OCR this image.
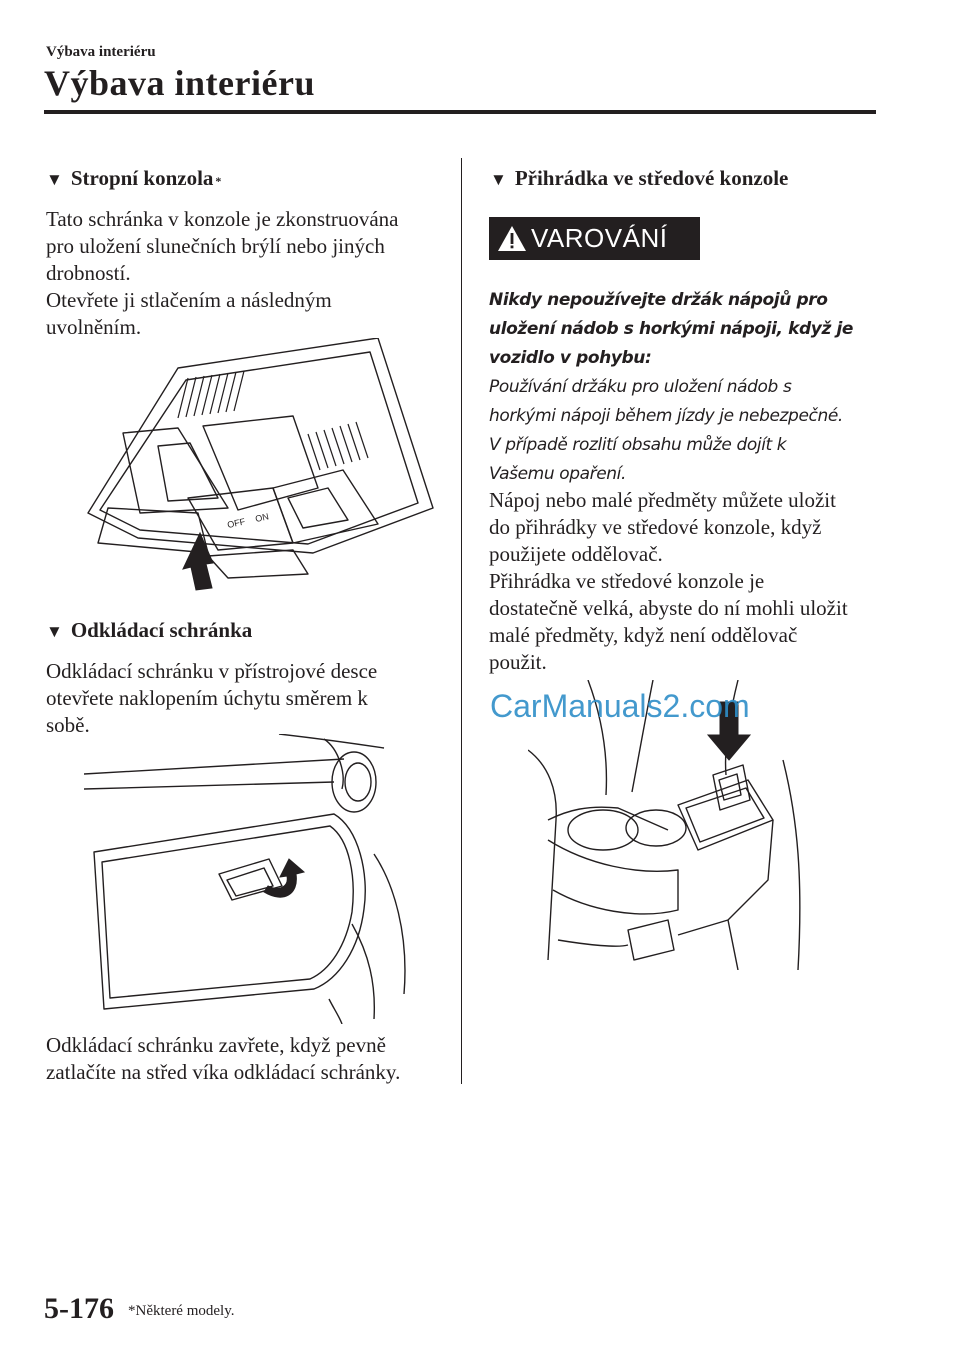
Výbava interiéru
Výbava interiéru
▼ Stropní konzola *
Tato schránka v konzole je zkonstruována
pro uložení slunečních brýlí nebo jiných
drobností.
Otevřete ji stlačením a následným
uvolněním.
OFF ON
▼ Odkládací schránka
Odkládací schránku v přístrojové desce
otevřete naklopením úchytu směrem k
sobě.
Odkládací schránku zavřete, když pevně
zatlačíte na střed víka odkládací schránky.
▼ Přihrádka ve středové konzole
VAROVÁNÍ
Nikdy nepoužívejte držák nápojů pro
uložení nádob s horkými nápoji, když je
vozidlo v pohybu:
Používání držáku pro uložení nádob s
horkými nápoji během jízdy je nebezpečné.
V případě rozlití obsahu může dojít k
Vašemu opaření.
Nápoj nebo malé předměty můžete uložit
do přihrádky ve středové konzole, když
použijete oddělovač.
Přihrádka ve středové konzole je
dostatečně velká, abyste do ní mohli uložit
malé předměty, když není oddělovač
použit.
CarManuals2.com
5-176 *Některé modely.
